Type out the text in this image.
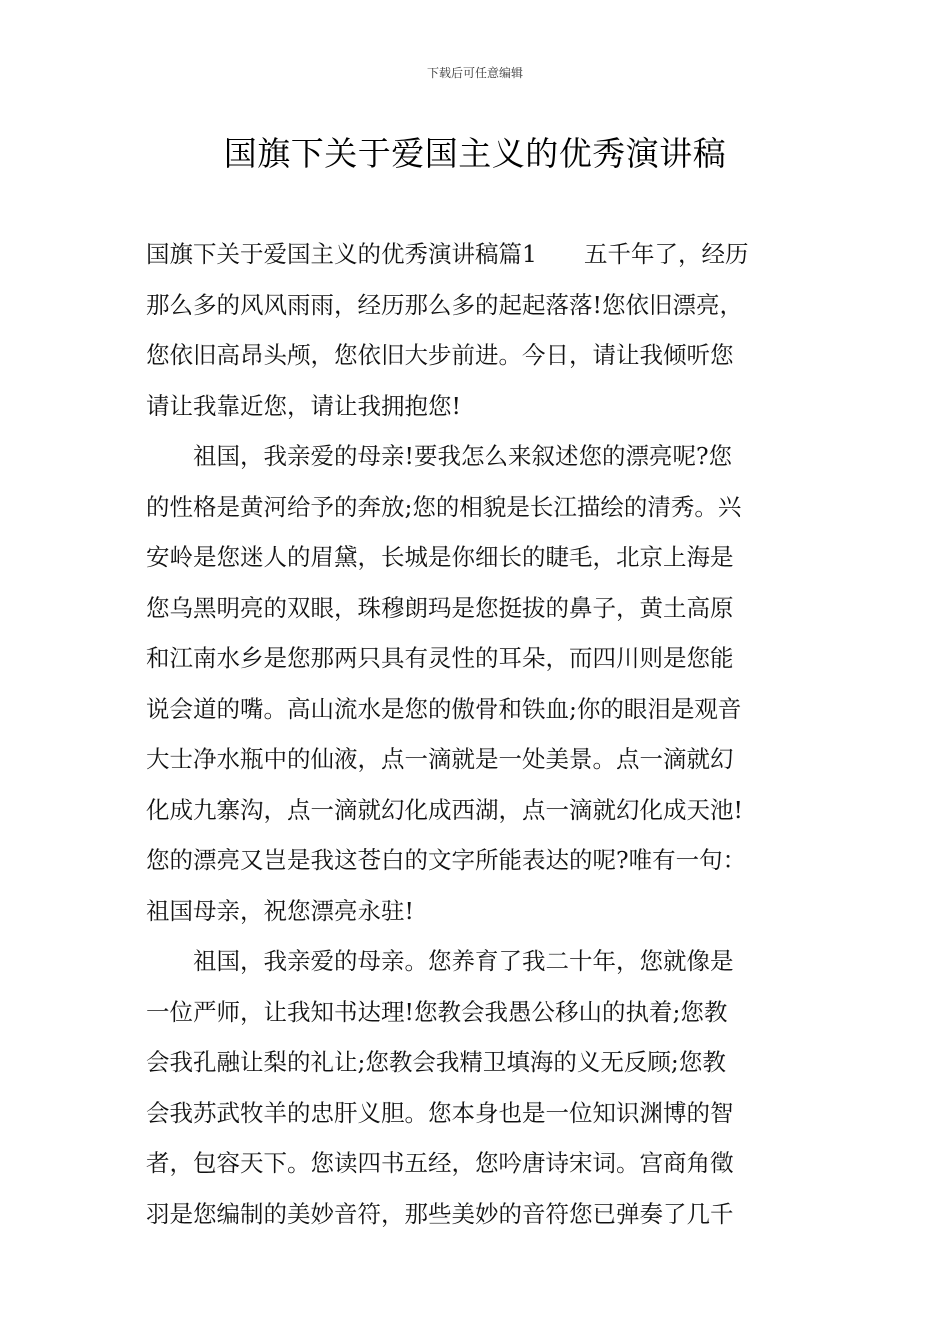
下载后可任意编辑
国旗下关于爱国主义的优秀演讲稿
国旗下关于爱国主义的优秀演讲稿篇1　　五千年了，经历
那么多的风风雨雨，经历那么多的起起落落!您依旧漂亮，
您依旧高昂头颅，您依旧大步前进。今日，请让我倾听您
请让我靠近您，请让我拥抱您!
　　祖国，我亲爱的母亲!要我怎么来叙述您的漂亮呢?您
的性格是黄河给予的奔放;您的相貌是长江描绘的清秀。兴
安岭是您迷人的眉黛，长城是你细长的睫毛，北京上海是
您乌黑明亮的双眼，珠穆朗玛是您挺拔的鼻子，黄土高原
和江南水乡是您那两只具有灵性的耳朵，而四川则是您能
说会道的嘴。高山流水是您的傲骨和铁血;你的眼泪是观音
大士净水瓶中的仙液，点一滴就是一处美景。点一滴就幻
化成九寨沟，点一滴就幻化成西湖，点一滴就幻化成天池!
您的漂亮又岂是我这苍白的文字所能表达的呢?唯有一句：
祖国母亲，祝您漂亮永驻!
　　祖国，我亲爱的母亲。您养育了我二十年，您就像是
一位严师，让我知书达理!您教会我愚公移山的执着;您教
会我孔融让梨的礼让;您教会我精卫填海的义无反顾;您教
会我苏武牧羊的忠肝义胆。您本身也是一位知识渊博的智
者，包容天下。您读四书五经，您吟唐诗宋词。宫商角徵
羽是您编制的美妙音符，那些美妙的音符您已弹奏了几千
